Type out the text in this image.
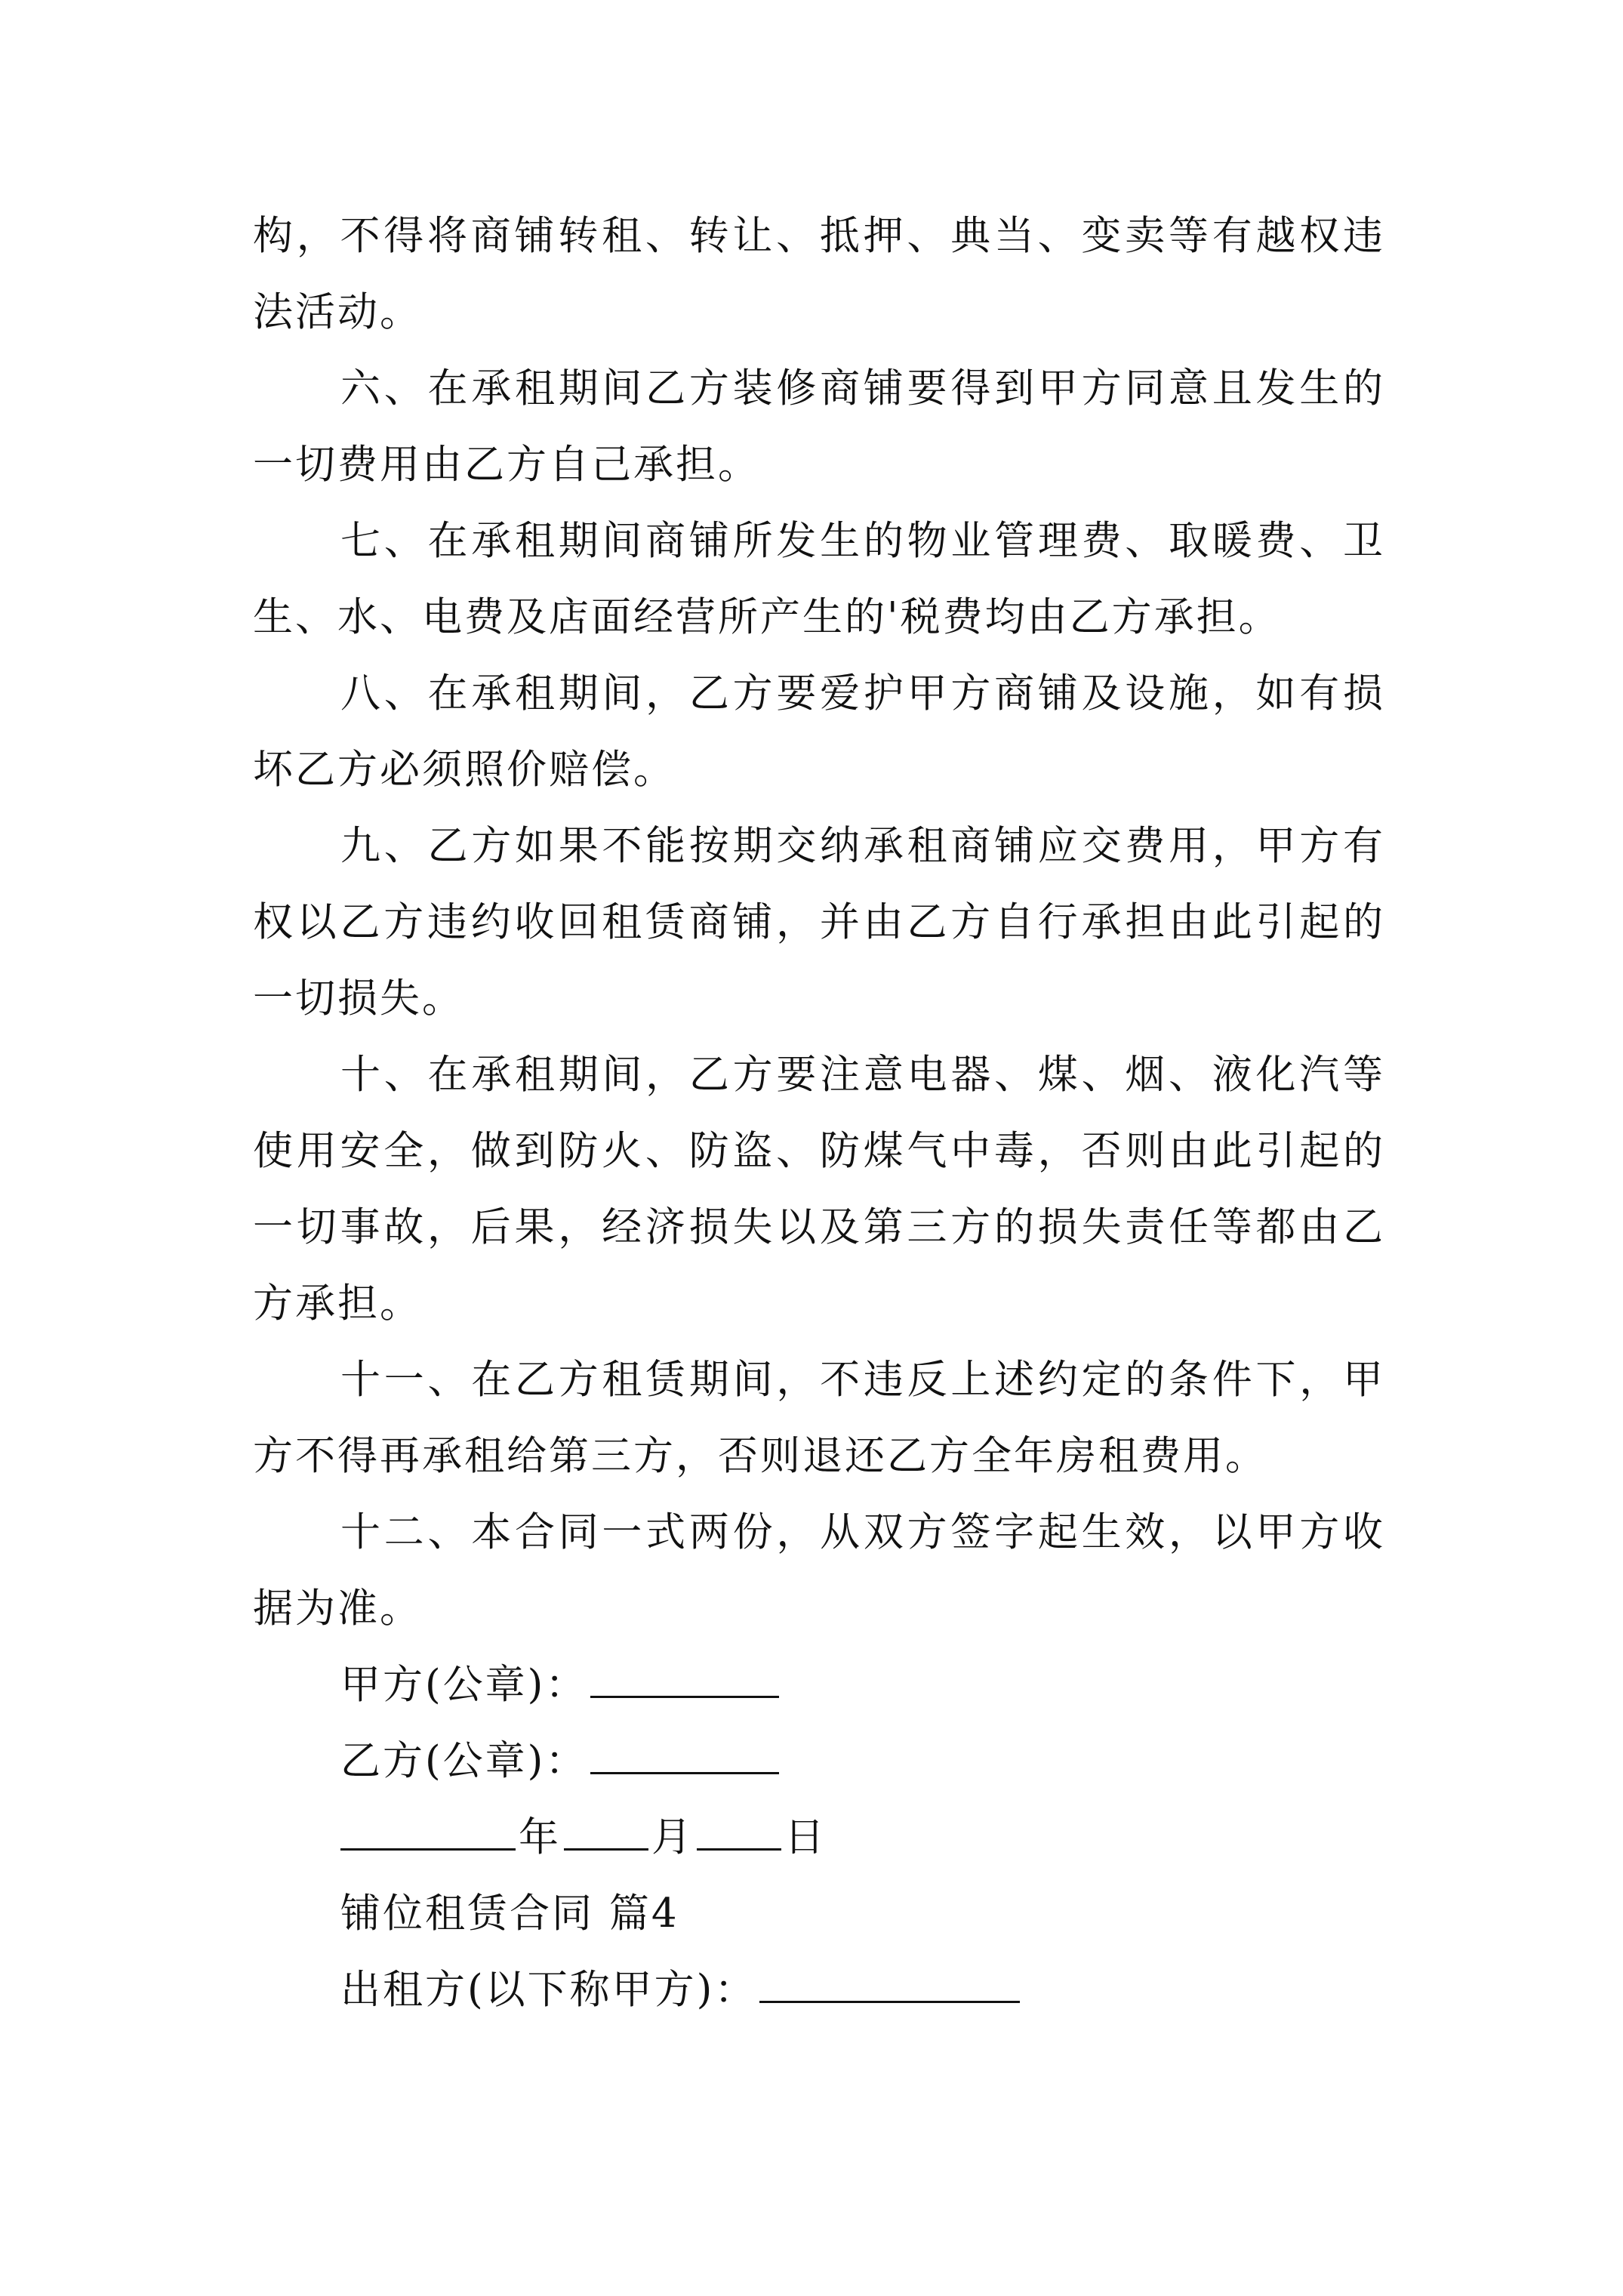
构，不得将商铺转租、转让、抵押、典当、变卖等有越权违法活动。

六、在承租期间乙方装修商铺要得到甲方同意且发生的一切费用由乙方自己承担。

七、在承租期间商铺所发生的物业管理费、取暖费、卫生、水、电费及店面经营所产生的'税费均由乙方承担。

八、在承租期间，乙方要爱护甲方商铺及设施，如有损坏乙方必须照价赔偿。

九、乙方如果不能按期交纳承租商铺应交费用，甲方有权以乙方违约收回租赁商铺，并由乙方自行承担由此引起的一切损失。

十、在承租期间，乙方要注意电器、煤、烟、液化汽等使用安全，做到防火、防盗、防煤气中毒，否则由此引起的一切事故，后果，经济损失以及第三方的损失责任等都由乙方承担。

十一、在乙方租赁期间，不违反上述约定的条件下，甲方不得再承租给第三方，否则退还乙方全年房租费用。

十二、本合同一式两份，从双方签字起生效，以甲方收据为准。

甲方(公章)：

乙方(公章)：

年 月 日

铺位租赁合同 篇4

出租方(以下称甲方)：
